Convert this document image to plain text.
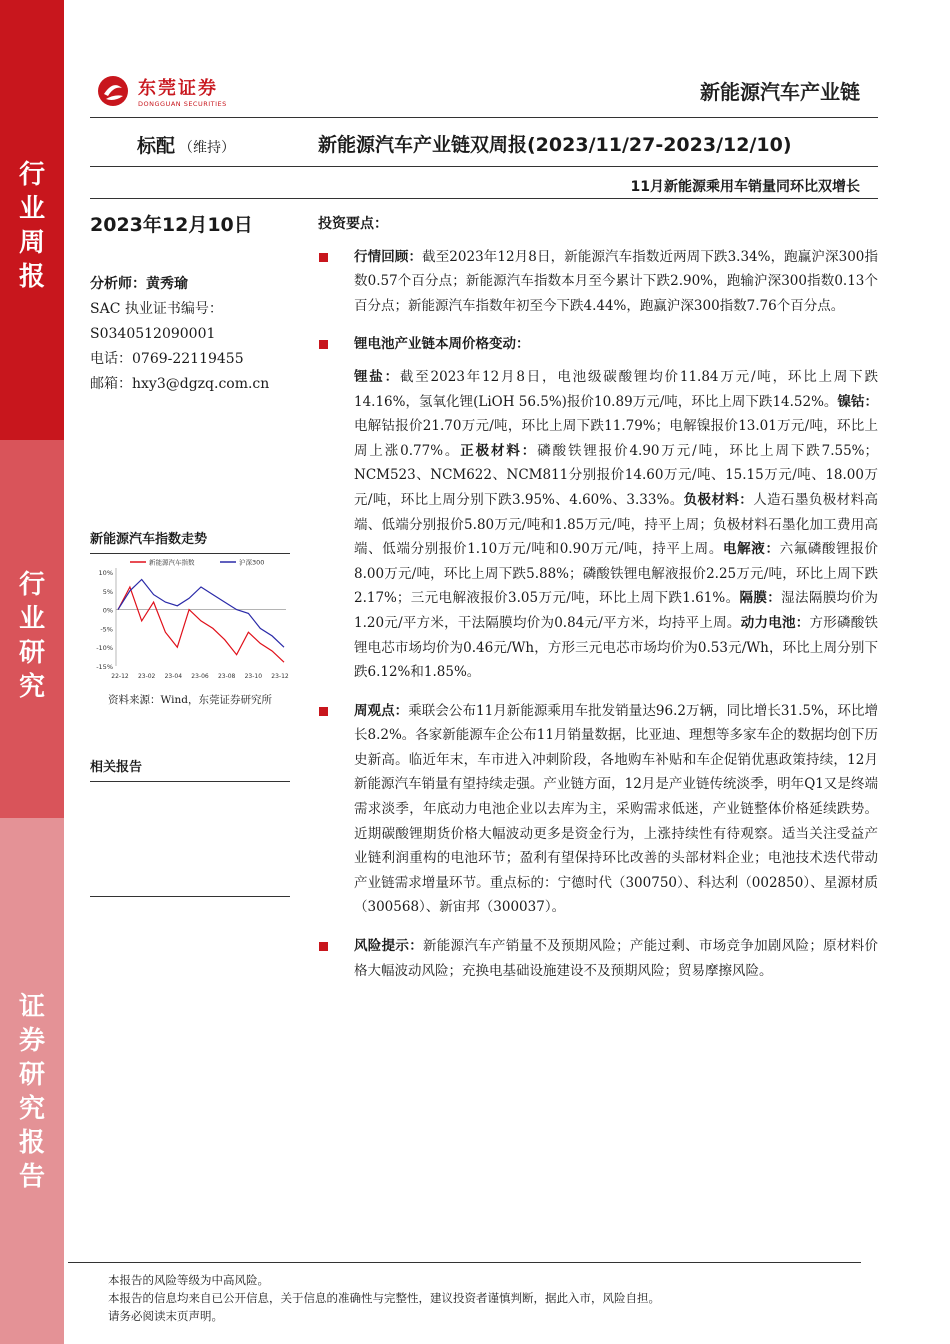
行
业
周
报
行
业
研
究
证
券
研
究
报
告
东莞证券
DONGGUAN SECURITIES	新能源汽车产业链
标配 （维持）	新能源汽车产业链双周报(2023/11/27-2023/12/10)
11月新能源乘用车销量同环比双增长
2023年12月10日
分析师：黄秀瑜
SAC 执业证书编号：
S0340512090001
电话：0769-22119455
邮箱：hxy3@dgzq.com.cn
新能源汽车指数走势
10%
5%
0%
-5%
-10%
-15%
22-12 23-02 23-04 23-06 23-08 23-10 23-12
新能源汽车指数	沪深300
资料来源：Wind，东莞证券研究所
相关报告
投资要点：
行情回顾：截至2023年12月8日，新能源汽车指数近两周下跌3.34%，跑赢沪深300指数0.57个百分点；新能源汽车指数本月至今累计下跌2.90%，跑输沪深300指数0.13个百分点；新能源汽车指数年初至今下跌4.44%，跑赢沪深300指数7.76个百分点。
锂电池产业链本周价格变动：
锂盐：截至2023年12月8日，电池级碳酸锂均价11.84万元/吨，环比上周下跌14.16%，氢氧化锂(LiOH 56.5%)报价10.89万元/吨，环比上周下跌14.52%。镍钴：电解钴报价21.70万元/吨，环比上周下跌11.79%；电解镍报价13.01万元/吨，环比上周上涨0.77%。正极材料：磷酸铁锂报价4.90万元/吨，环比上周下跌7.55%；NCM523、NCM622、NCM811分别报价14.60万元/吨、15.15万元/吨、18.00万元/吨，环比上周分别下跌3.95%、4.60%、3.33%。负极材料：人造石墨负极材料高端、低端分别报价5.80万元/吨和1.85万元/吨，持平上周；负极材料石墨化加工费用高端、低端分别报价1.10万元/吨和0.90万元/吨，持平上周。电解液：六氟磷酸锂报价8.00万元/吨，环比上周下跌5.88%；磷酸铁锂电解液报价2.25万元/吨，环比上周下跌2.17%；三元电解液报价3.05万元/吨，环比上周下跌1.61%。隔膜：湿法隔膜均价为1.20元/平方米，干法隔膜均价为0.84元/平方米，均持平上周。动力电池：方形磷酸铁锂电芯市场均价为0.46元/Wh，方形三元电芯市场均价为0.53元/Wh，环比上周分别下跌6.12%和1.85%。
周观点：乘联会公布11月新能源乘用车批发销量达96.2万辆，同比增长31.5%，环比增长8.2%。各家新能源车企公布11月销量数据，比亚迪、理想等多家车企的数据均创下历史新高。临近年末，车市进入冲刺阶段，各地购车补贴和车企促销优惠政策持续，12月新能源汽车销量有望持续走强。产业链方面，12月是产业链传统淡季，明年Q1又是终端需求淡季，年底动力电池企业以去库为主，采购需求低迷，产业链整体价格延续跌势。近期碳酸锂期货价格大幅波动更多是资金行为，上涨持续性有待观察。适当关注受益产业链利润重构的电池环节；盈利有望保持环比改善的头部材料企业；电池技术迭代带动产业链需求增量环节。重点标的：宁德时代（300750）、科达利（002850）、星源材质（300568）、新宙邦（300037）。
风险提示：新能源汽车产销量不及预期风险；产能过剩、市场竞争加剧风险；原材料价格大幅波动风险；充换电基础设施建设不及预期风险；贸易摩擦风险。
本报告的风险等级为中高风险。
本报告的信息均来自已公开信息，关于信息的准确性与完整性，建议投资者谨慎判断，据此入市，风险自担。
请务必阅读末页声明。
